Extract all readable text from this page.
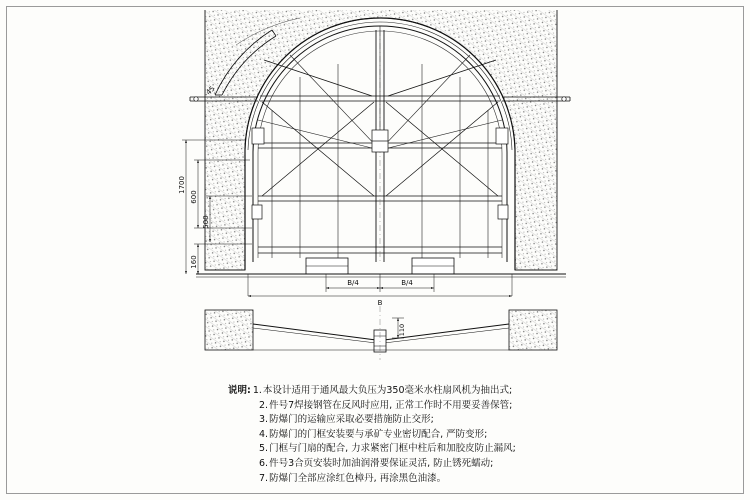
1700
600
500
160
45
B/4	B/4
B
110
说明: 1. 本设计适用于通风最大负压为350毫米水柱扇风机为抽出式;
2. 件号7焊接钢管在反风时应用, 正常工作时不用要妥善保管;
3. 防爆门的运输应采取必要措施防止交形;
4. 防爆门的门框安装要与承矿专业密切配合, 严防变形;
5. 门框与门扇的配合, 力求紧密门框中柱后和加胶皮防止漏风;
6. 件号3合页安装时加油润滑要保证灵活, 防止锈死蠕动;
7. 防爆门全部应涂红色樟丹, 再涂黑色油漆。
